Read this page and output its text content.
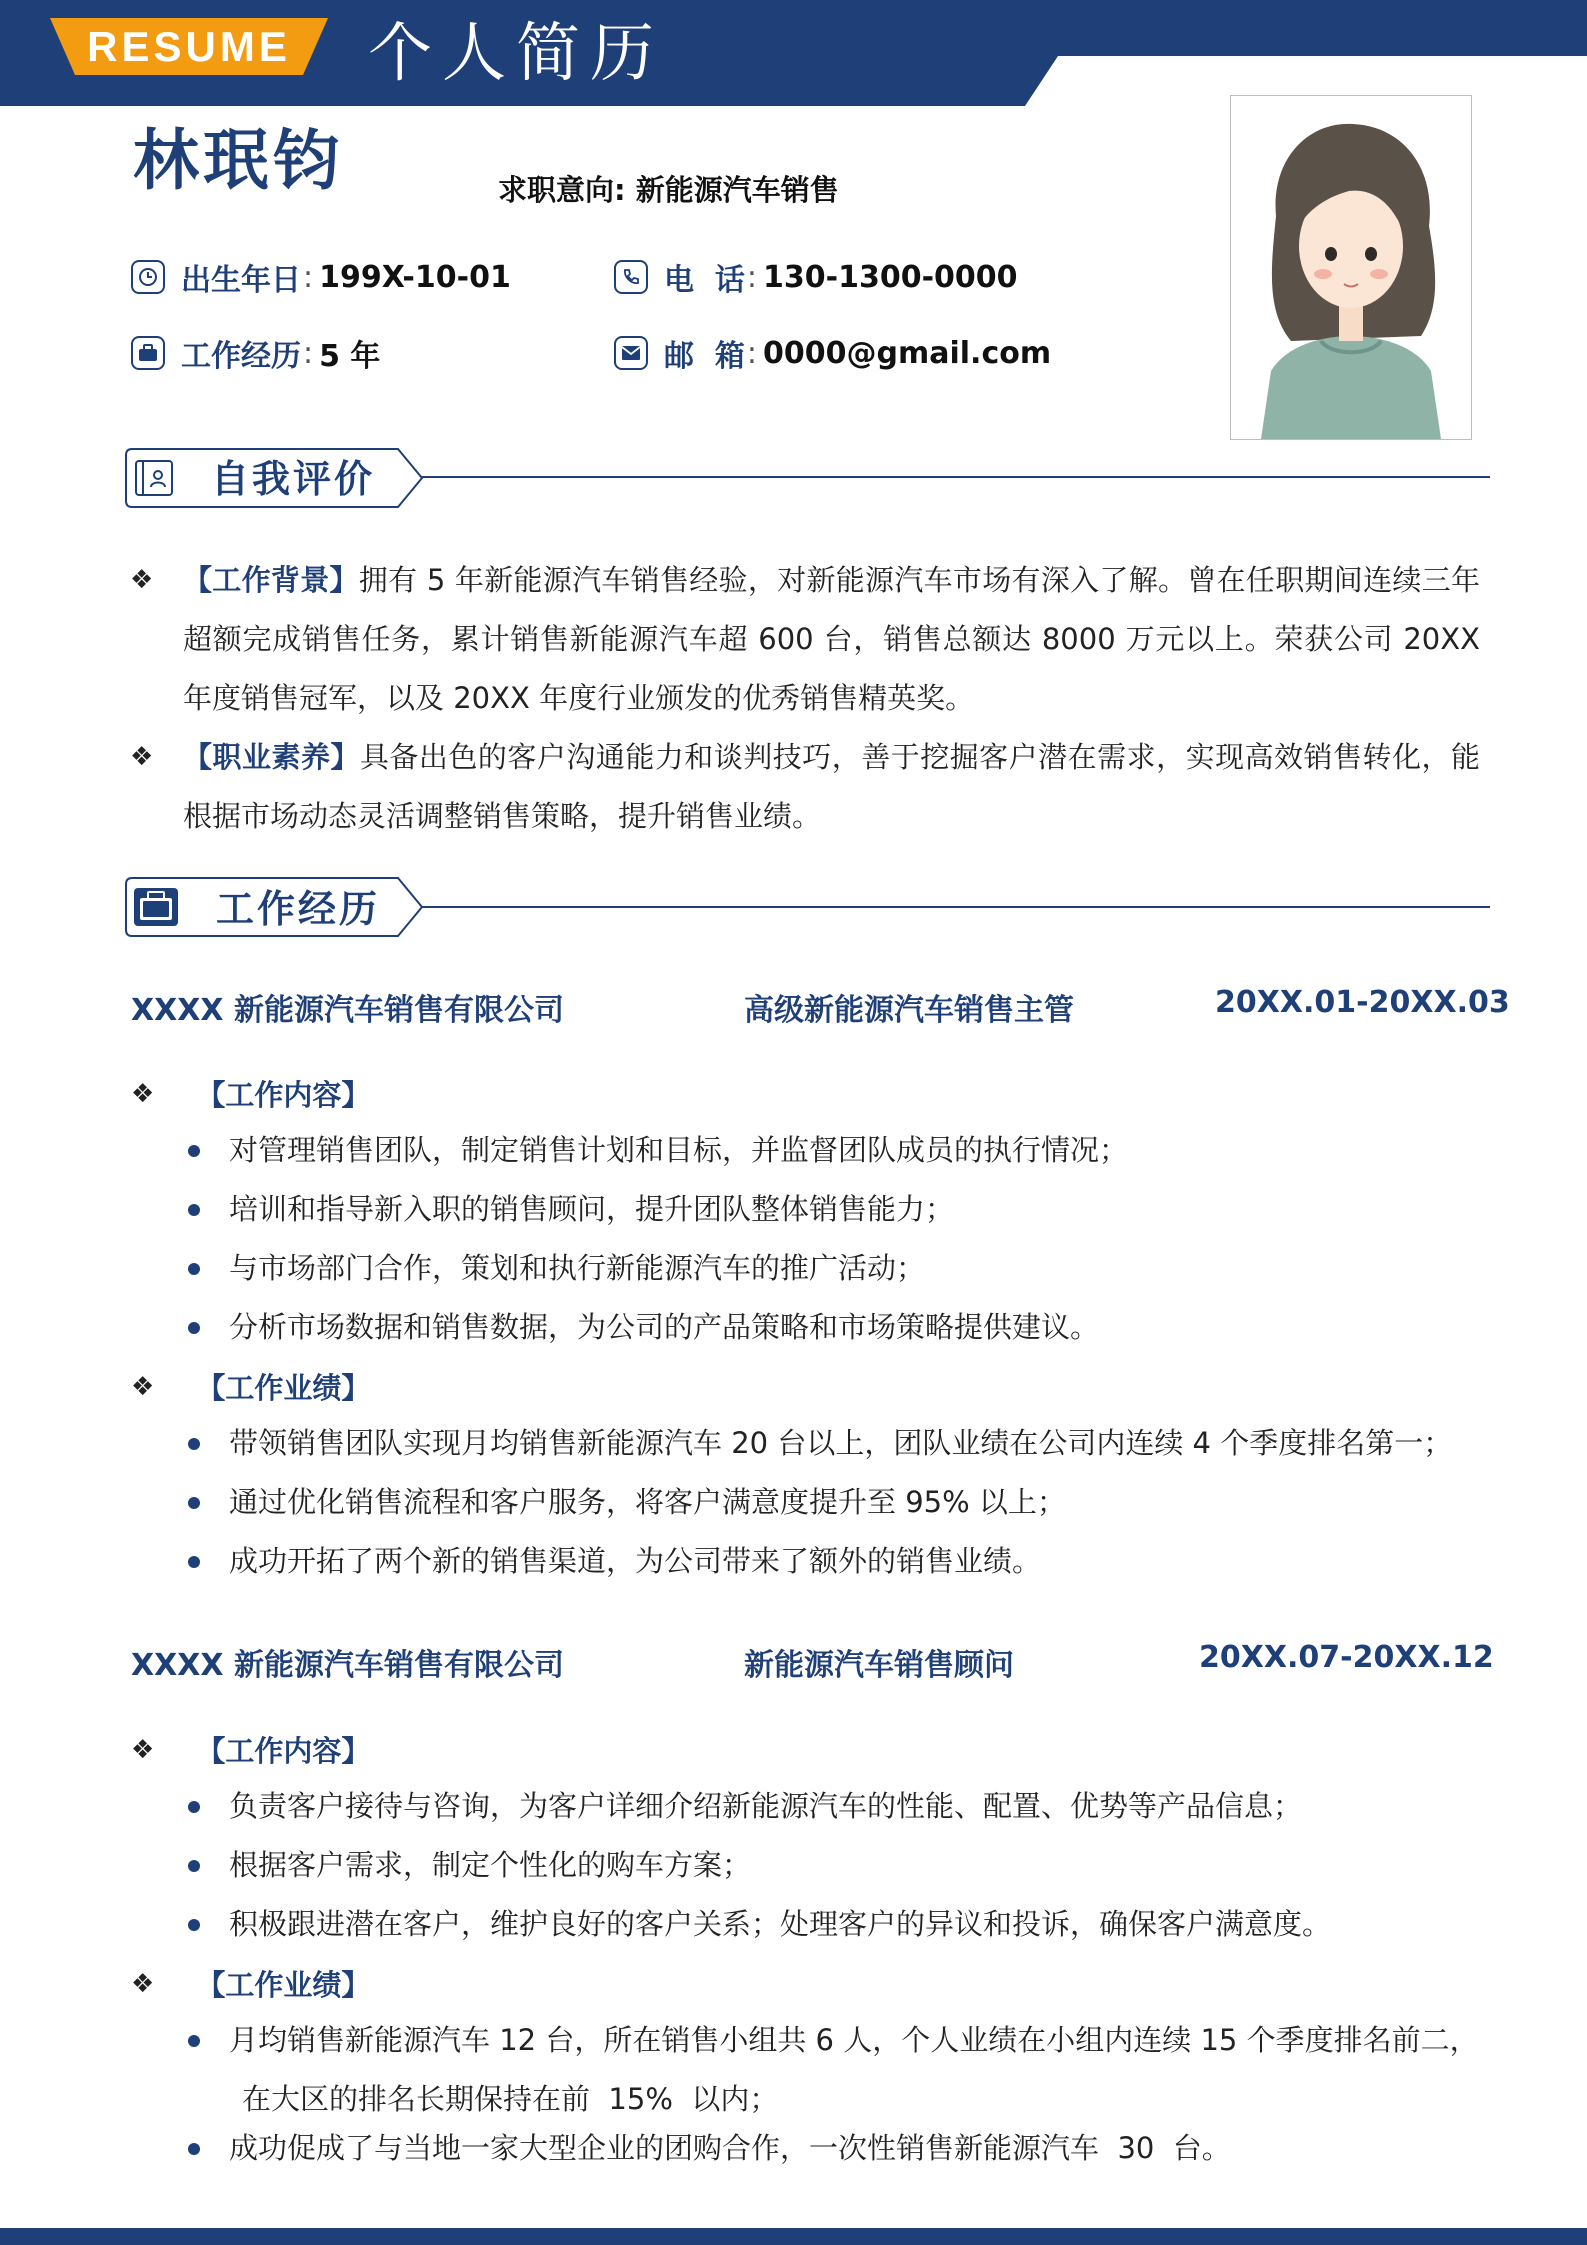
RESUME	个人简历
林珉钧	求职意向: 新能源汽车销售
出生年日 : 199X-10-01	电  话 : 130-1300-0000
工作经历 : 5 年	邮  箱 : 0000@gmail.com
自我评价
❖ 【工作背景】拥有 5 年新能源汽车销售经验，对新能源汽车市场有深入了解。曾在任职期间连续三年超额完成销售任务，累计销售新能源汽车超 600 台，销售总额达 8000 万元以上。荣获公司 20XX 年度销售冠军，以及 20XX 年度行业颁发的优秀销售精英奖。
❖ 【职业素养】具备出色的客户沟通能力和谈判技巧，善于挖掘客户潜在需求，实现高效销售转化，能根据市场动态灵活调整销售策略，提升销售业绩。
工作经历
XXXX 新能源汽车销售有限公司	高级新能源汽车销售主管	20XX.01-20XX.03
❖ 【工作内容】
对管理销售团队，制定销售计划和目标，并监督团队成员的执行情况；
培训和指导新入职的销售顾问，提升团队整体销售能力；
与市场部门合作，策划和执行新能源汽车的推广活动；
分析市场数据和销售数据，为公司的产品策略和市场策略提供建议。
❖ 【工作业绩】
带领销售团队实现月均销售新能源汽车 20 台以上，团队业绩在公司内连续 4 个季度排名第一；
通过优化销售流程和客户服务，将客户满意度提升至 95% 以上；
成功开拓了两个新的销售渠道，为公司带来了额外的销售业绩。
XXXX 新能源汽车销售有限公司	新能源汽车销售顾问	20XX.07-20XX.12
❖ 【工作内容】
负责客户接待与咨询，为客户详细介绍新能源汽车的性能、配置、优势等产品信息；
根据客户需求，制定个性化的购车方案；
积极跟进潜在客户，维护良好的客户关系；处理客户的异议和投诉，确保客户满意度。
❖ 【工作业绩】
月均销售新能源汽车 12 台，所在销售小组共 6 人，个人业绩在小组内连续 15 个季度排名前二，
在大区的排名长期保持在前  15%  以内；
成功促成了与当地一家大型企业的团购合作，一次性销售新能源汽车  30  台。
